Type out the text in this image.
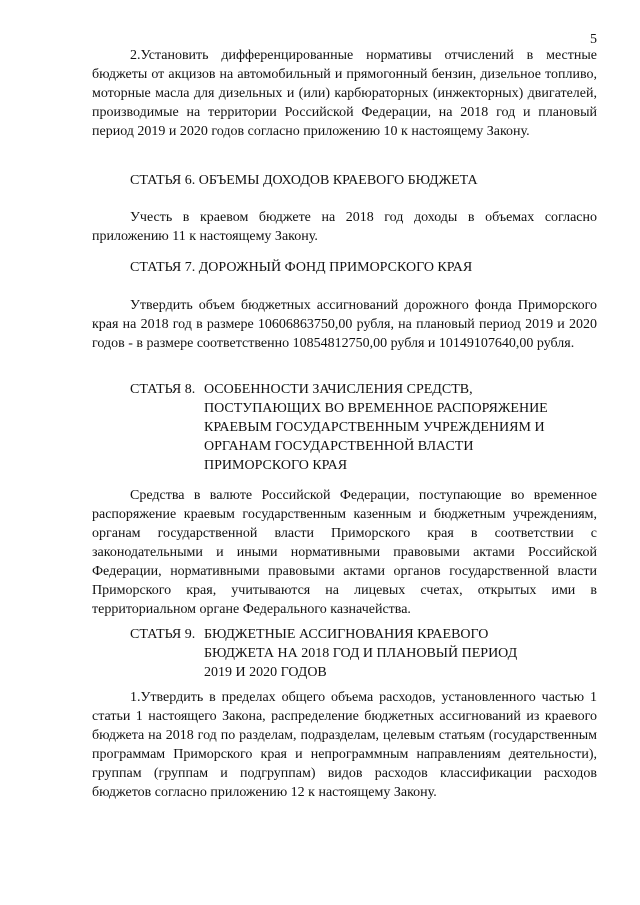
5

2.Установить дифференцированные нормативы отчислений в местные бюджеты от акцизов на автомобильный и прямогонный бензин, дизельное топливо, моторные масла для дизельных и (или) карбюраторных (инжекторных) двигателей, производимые на территории Российской Федерации, на 2018 год и плановый период 2019 и 2020 годов согласно приложению 10 к настоящему Закону.

СТАТЬЯ 6. ОБЪЕМЫ ДОХОДОВ КРАЕВОГО БЮДЖЕТА

Учесть в краевом бюджете на 2018 год доходы в объемах согласно приложению 11 к настоящему Закону.

СТАТЬЯ 7. ДОРОЖНЫЙ ФОНД ПРИМОРСКОГО КРАЯ

Утвердить объем бюджетных ассигнований дорожного фонда Приморского края на 2018 год в размере 10606863750,00 рубля, на плановый период 2019 и 2020 годов - в размере соответственно 10854812750,00 рубля и 10149107640,00 рубля.

СТАТЬЯ 8. ОСОБЕННОСТИ ЗАЧИСЛЕНИЯ СРЕДСТВ,
ПОСТУПАЮЩИХ ВО ВРЕМЕННОЕ РАСПОРЯЖЕНИЕ
КРАЕВЫМ ГОСУДАРСТВЕННЫМ УЧРЕЖДЕНИЯМ И
ОРГАНАМ ГОСУДАРСТВЕННОЙ ВЛАСТИ
ПРИМОРСКОГО КРАЯ

Средства в валюте Российской Федерации, поступающие во временное распоряжение краевым государственным казенным и бюджетным учреждениям, органам государственной власти Приморского края в соответствии с законодательными и иными нормативными правовыми актами Российской Федерации, нормативными правовыми актами органов государственной власти Приморского края, учитываются на лицевых счетах, открытых ими в территориальном органе Федерального казначейства.

СТАТЬЯ 9. БЮДЖЕТНЫЕ АССИГНОВАНИЯ КРАЕВОГО
БЮДЖЕТА НА 2018 ГОД И ПЛАНОВЫЙ ПЕРИОД
2019 И 2020 ГОДОВ

1.Утвердить в пределах общего объема расходов, установленного частью 1 статьи 1 настоящего Закона, распределение бюджетных ассигнований из краевого бюджета на 2018 год по разделам, подразделам, целевым статьям (государственным программам Приморского края и непрограммным направлениям деятельности), группам (группам и подгруппам) видов расходов классификации расходов бюджетов согласно приложению 12 к настоящему Закону.
